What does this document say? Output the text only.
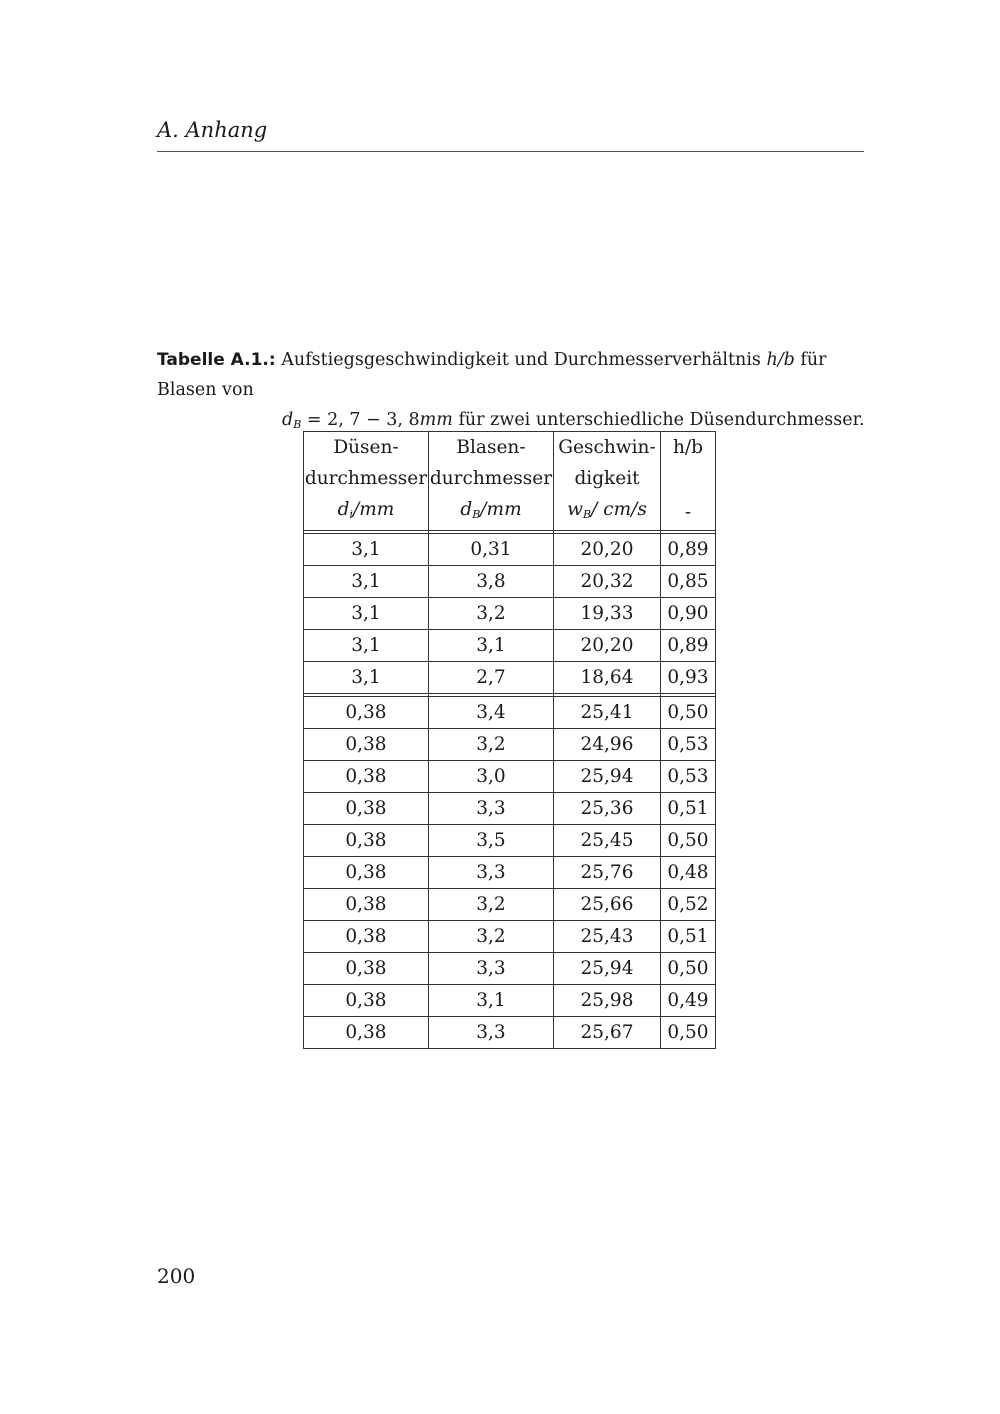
A. Anhang
Tabelle A.1.: Aufstiegsgeschwindigkeit und Durchmesserverhältnis h/b für Blasen von
$d_B = 2$, 7 − 3, 8mm für zwei unterschiedliche Düsendurchmesser.
Düsen-	Blasen-	Geschwin-	h/b
durchmesser	durchmesser	digkeit	
$d_i/mm$	$d_B/mm$	$w_B/$ cm/s	-

3,1	0,31	20,20	0,89
3,1	3,8	20,32	0,85
3,1	3,2	19,33	0,90
3,1	3,1	20,20	0,89
3,1	2,7	18,64	0,93

0,38	3,4	25,41	0,50
0,38	3,2	24,96	0,53
0,38	3,0	25,94	0,53
0,38	3,3	25,36	0,51
0,38	3,5	25,45	0,50
0,38	3,3	25,76	0,48
0,38	3,2	25,66	0,52
0,38	3,2	25,43	0,51
0,38	3,3	25,94	0,50
0,38	3,1	25,98	0,49
0,38	3,3	25,67	0,50
200
